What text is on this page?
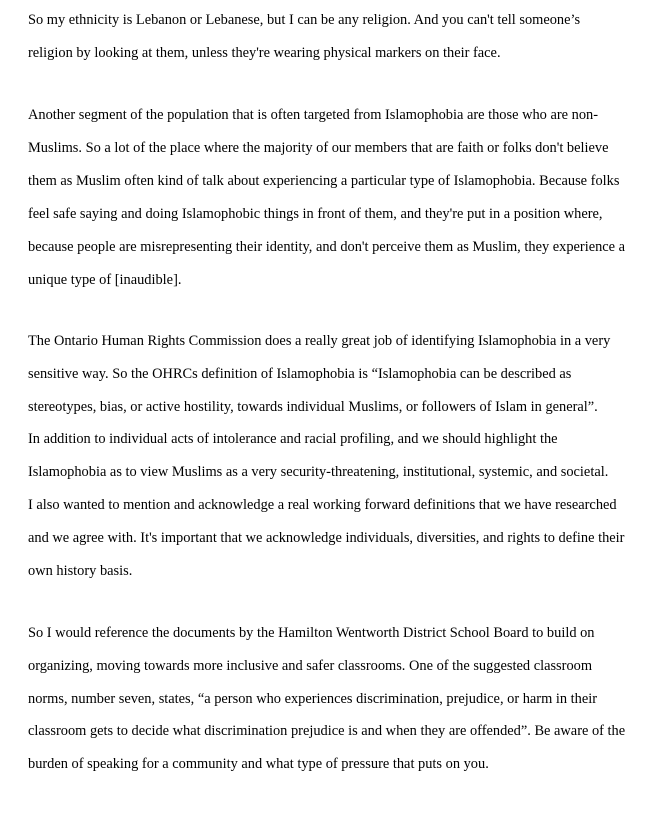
So my ethnicity is Lebanon or Lebanese, but I can be any religion. And you can't tell someone’s
religion by looking at them, unless they're wearing physical markers on their face.
Another segment of the population that is often targeted from Islamophobia are those who are non-
Muslims. So a lot of the place where the majority of our members that are faith or folks don't believe
them as Muslim often kind of talk about experiencing a particular type of Islamophobia. Because folks
feel safe saying and doing Islamophobic things in front of them, and they're put in a position where,
because people are misrepresenting their identity, and don't perceive them as Muslim, they experience a
unique type of [inaudible].
The Ontario Human Rights Commission does a really great job of identifying Islamophobia in a very
sensitive way. So the OHRCs definition of Islamophobia is “Islamophobia can be described as
stereotypes, bias, or active hostility, towards individual Muslims, or followers of Islam in general”.
In addition to individual acts of intolerance and racial profiling, and we should highlight the
Islamophobia as to view Muslims as a very security-threatening, institutional, systemic, and societal.
I also wanted to mention and acknowledge a real working forward definitions that we have researched
and we agree with. It's important that we acknowledge individuals, diversities, and rights to define their
own history basis.
So I would reference the documents by the Hamilton Wentworth District School Board to build on
organizing, moving towards more inclusive and safer classrooms. One of the suggested classroom
norms, number seven, states, “a person who experiences discrimination, prejudice, or harm in their
classroom gets to decide what discrimination prejudice is and when they are offended”. Be aware of the
burden of speaking for a community and what type of pressure that puts on you.
